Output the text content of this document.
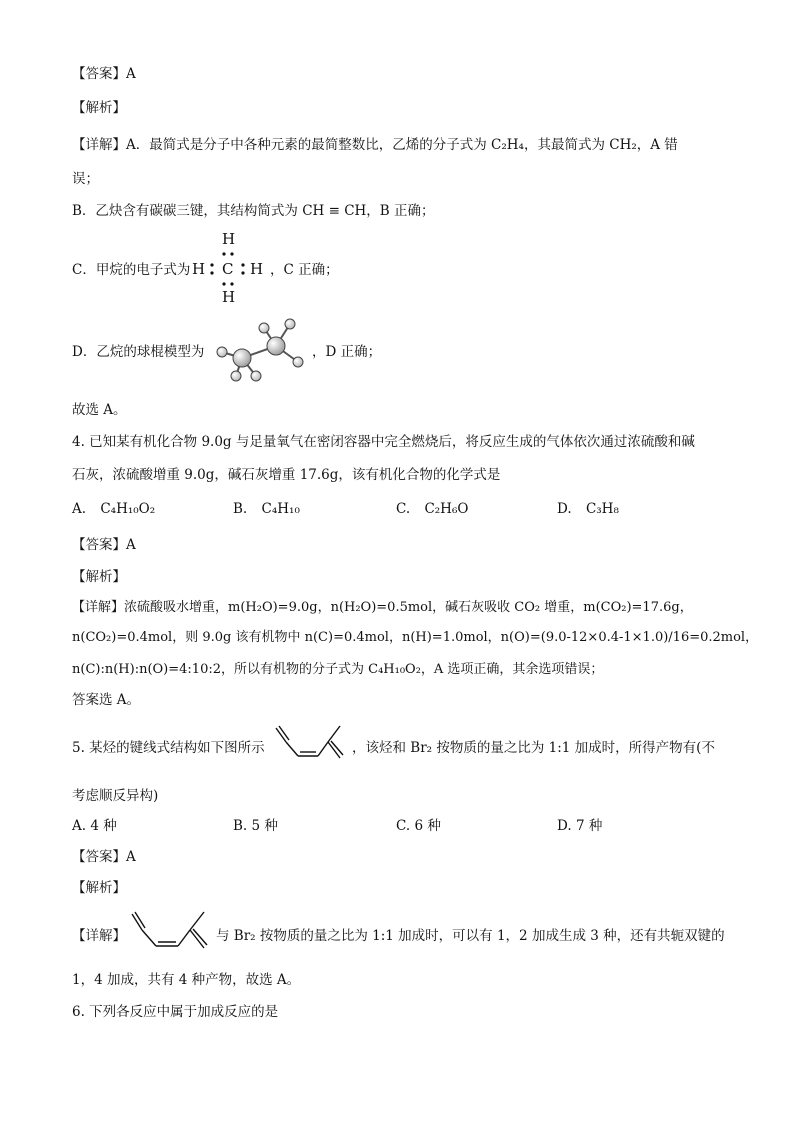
【答案】A
【解析】
【详解】A．最简式是分子中各种元素的最简整数比，乙烯的分子式为 C₂H₄，其最简式为 CH₂，A 错
误；
B．乙炔含有碳碳三键，其结构简式为 CH ≡ CH，B 正确；
C．甲烷的电子式为
H
H C H
H
，C 正确；
D．乙烷的球棍模型为	，D 正确；
故选 A。
4. 已知某有机化合物 9.0g 与足量氧气在密闭容器中完全燃烧后，将反应生成的气体依次通过浓硫酸和碱
石灰，浓硫酸增重 9.0g，碱石灰增重 17.6g，该有机化合物的化学式是
A. C₄H₁₀O₂	B. C₄H₁₀	C. C₂H₆O	D. C₃H₈
【答案】A
【解析】
【详解】浓硫酸吸水增重，m(H₂O)=9.0g，n(H₂O)=0.5mol，碱石灰吸收 CO₂ 增重，m(CO₂)=17.6g，
n(CO₂)=0.4mol，则 9.0g 该有机物中 n(C)=0.4mol，n(H)=1.0mol，n(O)=(9.0-12×0.4-1×1.0)/16=0.2mol，
n(C):n(H):n(O)=4:10:2，所以有机物的分子式为 C₄H₁₀O₂，A 选项正确，其余选项错误；
答案选 A。
5. 某烃的键线式结构如下图所示	，该烃和 Br₂ 按物质的量之比为 1:1 加成时，所得产物有(不
考虑顺反异构)
A. 4 种	B. 5 种	C. 6 种	D. 7 种
【答案】A
【解析】
【详解】	与 Br₂ 按物质的量之比为 1:1 加成时，可以有 1，2 加成生成 3 种，还有共轭双键的
1，4 加成，共有 4 种产物，故选 A。
6. 下列各反应中属于加成反应的是
